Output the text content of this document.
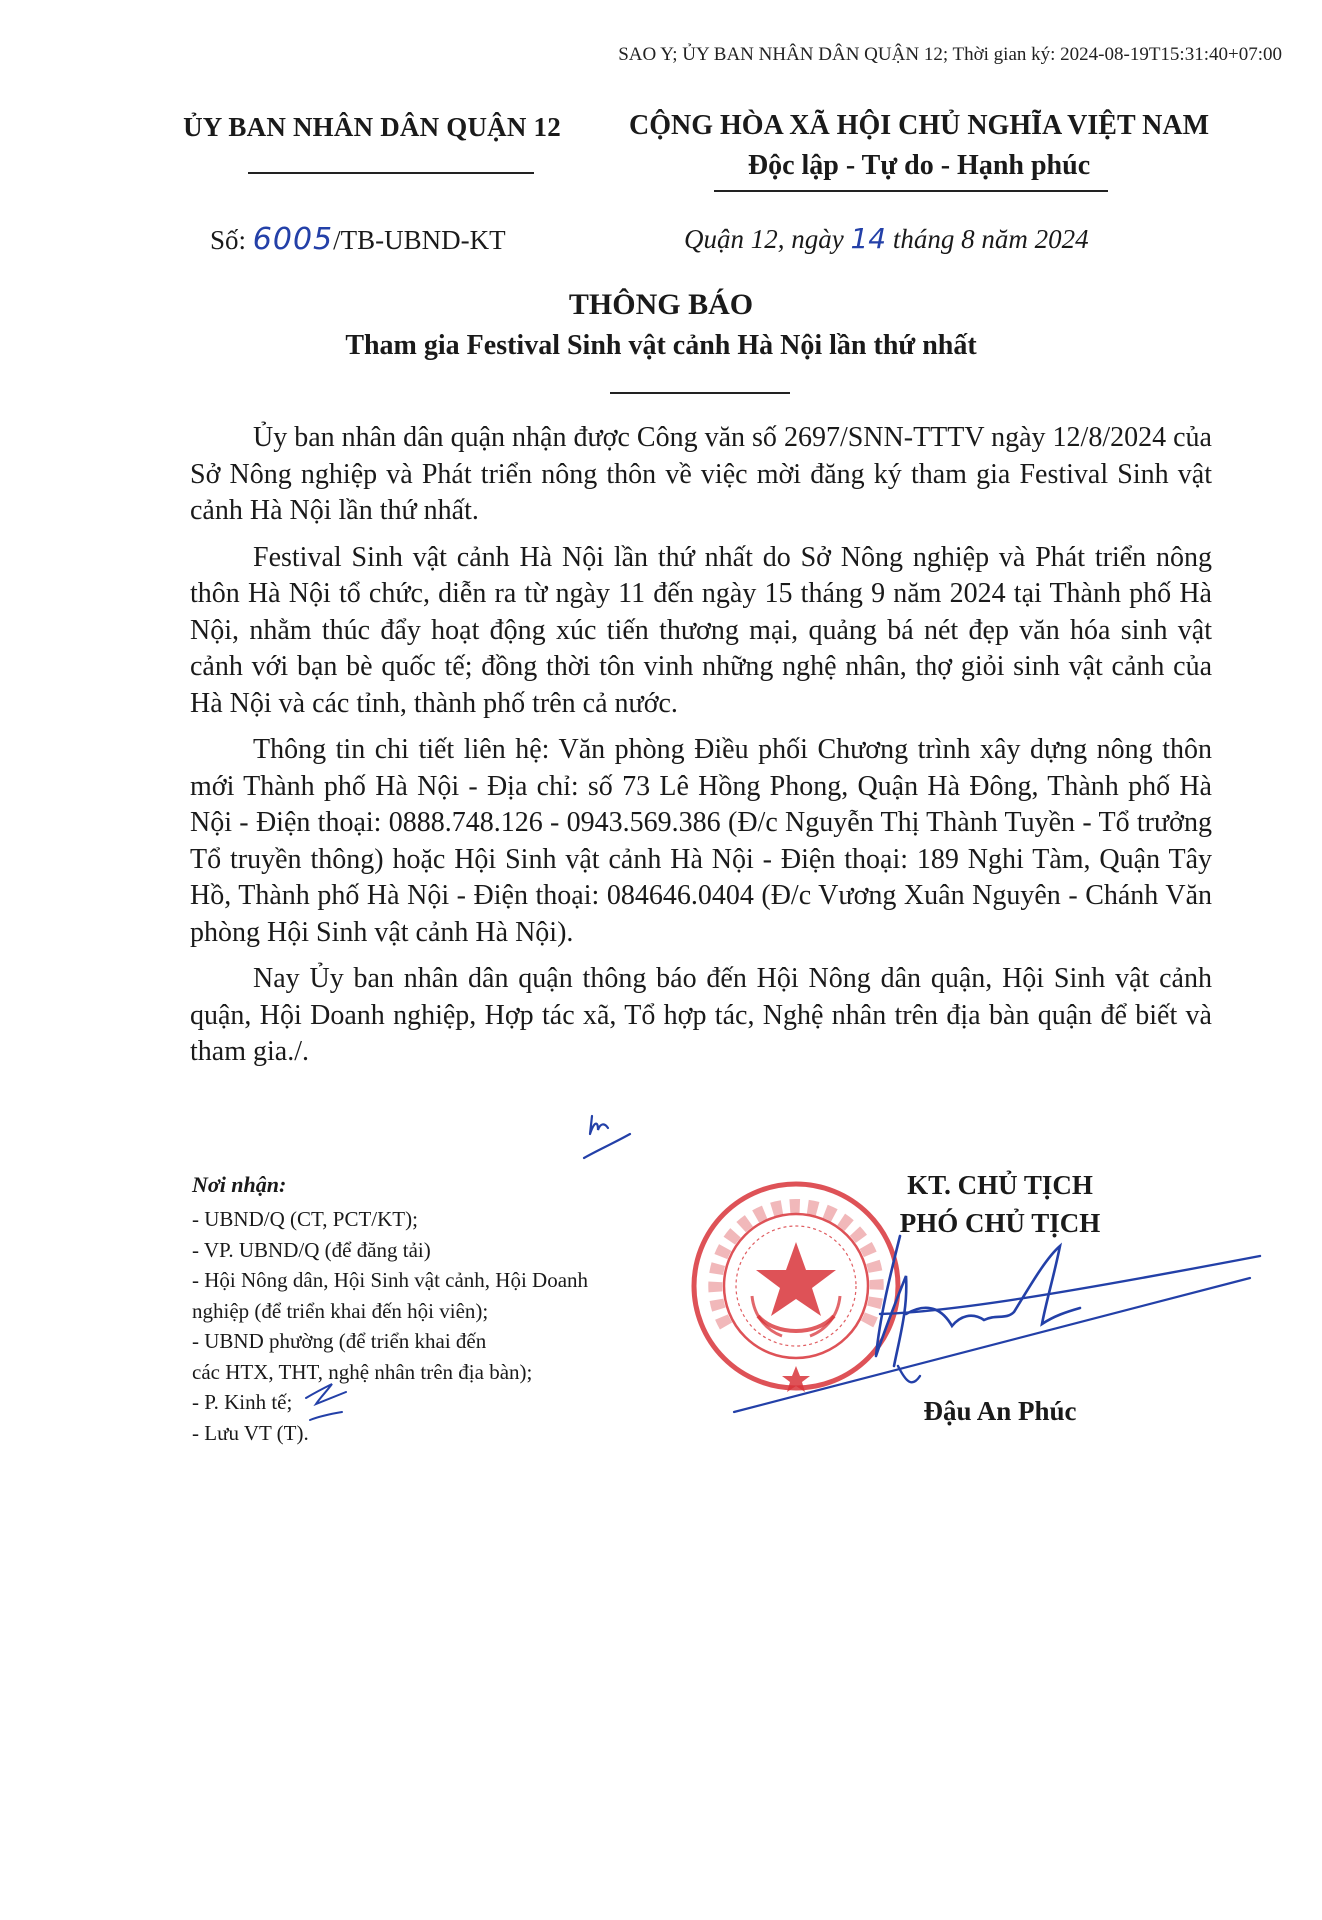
SAO Y; ỦY BAN NHÂN DÂN QUẬN 12; Thời gian ký: 2024-08-19T15:31:40+07:00
ỦY BAN NHÂN DÂN QUẬN 12	CỘNG HÒA XÃ HỘI CHỦ NGHĨA VIỆT NAM
Độc lập - Tự do - Hạnh phúc
Số: 6005/TB-UBND-KT	Quận 12, ngày 14 tháng 8 năm 2024
THÔNG BÁO
Tham gia Festival Sinh vật cảnh Hà Nội lần thứ nhất

Ủy ban nhân dân quận nhận được Công văn số 2697/SNN-TTTV ngày 12/8/2024 của Sở Nông nghiệp và Phát triển nông thôn về việc mời đăng ký tham gia Festival Sinh vật cảnh Hà Nội lần thứ nhất.

Festival Sinh vật cảnh Hà Nội lần thứ nhất do Sở Nông nghiệp và Phát triển nông thôn Hà Nội tổ chức, diễn ra từ ngày 11 đến ngày 15 tháng 9 năm 2024 tại Thành phố Hà Nội, nhằm thúc đẩy hoạt động xúc tiến thương mại, quảng bá nét đẹp văn hóa sinh vật cảnh với bạn bè quốc tế; đồng thời tôn vinh những nghệ nhân, thợ giỏi sinh vật cảnh của Hà Nội và các tỉnh, thành phố trên cả nước.

Thông tin chi tiết liên hệ: Văn phòng Điều phối Chương trình xây dựng nông thôn mới Thành phố Hà Nội - Địa chỉ: số 73 Lê Hồng Phong, Quận Hà Đông, Thành phố Hà Nội - Điện thoại: 0888.748.126 - 0943.569.386 (Đ/c Nguyễn Thị Thành Tuyền - Tổ trưởng Tổ truyền thông) hoặc Hội Sinh vật cảnh Hà Nội - Điện thoại: 189 Nghi Tàm, Quận Tây Hồ, Thành phố Hà Nội - Điện thoại: 084646.0404 (Đ/c Vương Xuân Nguyên - Chánh Văn phòng Hội Sinh vật cảnh Hà Nội).

Nay Ủy ban nhân dân quận thông báo đến Hội Nông dân quận, Hội Sinh vật cảnh quận, Hội Doanh nghiệp, Hợp tác xã, Tổ hợp tác, Nghệ nhân trên địa bàn quận để biết và tham gia./.

Nơi nhận:
- UBND/Q (CT, PCT/KT);
- VP. UBND/Q (để đăng tải)
- Hội Nông dân, Hội Sinh vật cảnh, Hội Doanh
nghiệp (để triển khai đến hội viên);
- UBND phường (để triển khai đến
các HTX, THT, nghệ nhân trên địa bàn);
- P. Kinh tế;
- Lưu VT (T).
KT. CHỦ TỊCH
PHÓ CHỦ TỊCH
Đậu An Phúc
